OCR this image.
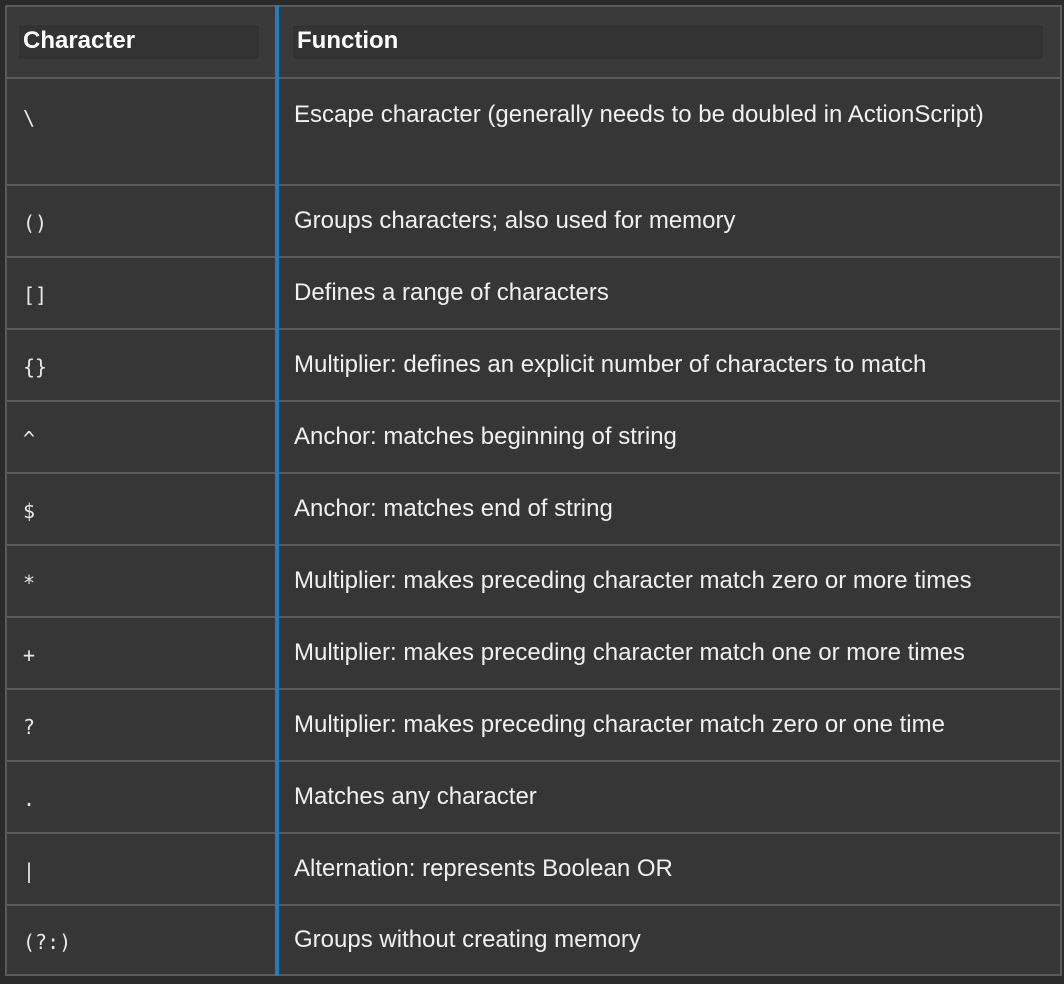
Character	Function
\	Escape character (generally needs to be doubled in ActionScript)
()	Groups characters; also used for memory
[]	Defines a range of characters
{}	Multiplier: defines an explicit number of characters to match
^	Anchor: matches beginning of string
$	Anchor: matches end of string
*	Multiplier: makes preceding character match zero or more times
+	Multiplier: makes preceding character match one or more times
?	Multiplier: makes preceding character match zero or one time
.	Matches any character
|	Alternation: represents Boolean OR
(?:)	Groups without creating memory
